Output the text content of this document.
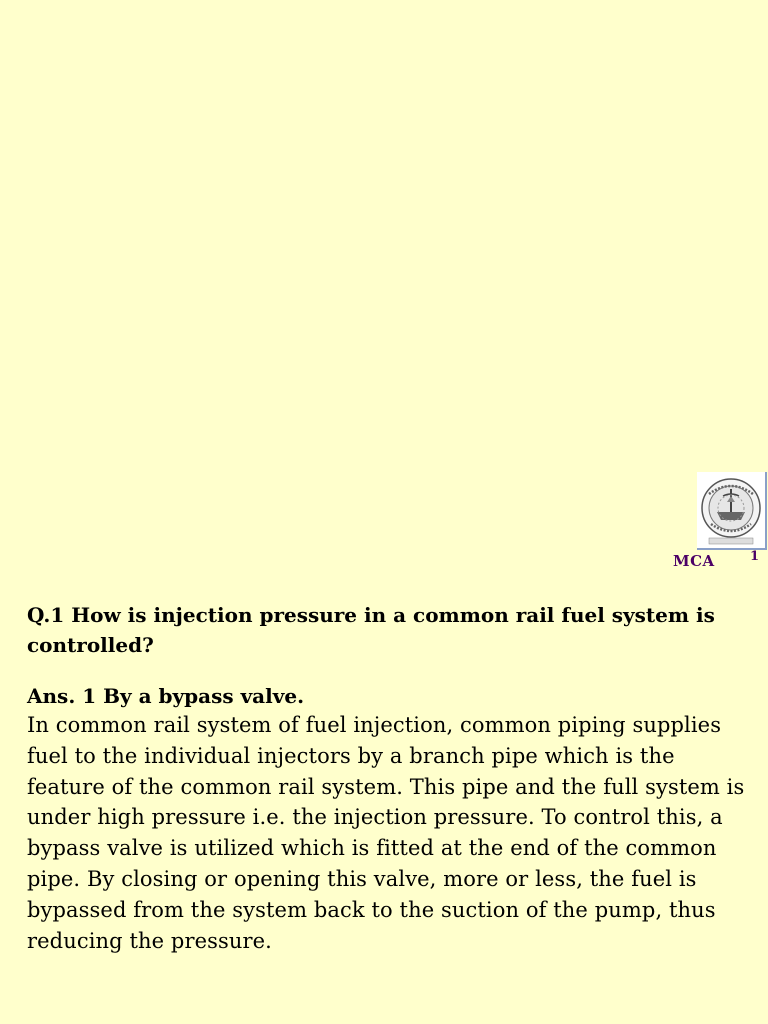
MCA	1

Q.1 How is injection pressure in a common rail fuel system is controlled?

Ans. 1 By a bypass valve.

In common rail system of fuel injection, common piping supplies fuel to the individual injectors by a branch pipe which is the feature of the common rail system. This pipe and the full system is under high pressure i.e. the injection pressure. To control this, a bypass valve is utilized which is fitted at the end of the common pipe. By closing or opening this valve, more or less, the fuel is bypassed from the system back to the suction of the pump, thus reducing the pressure.
